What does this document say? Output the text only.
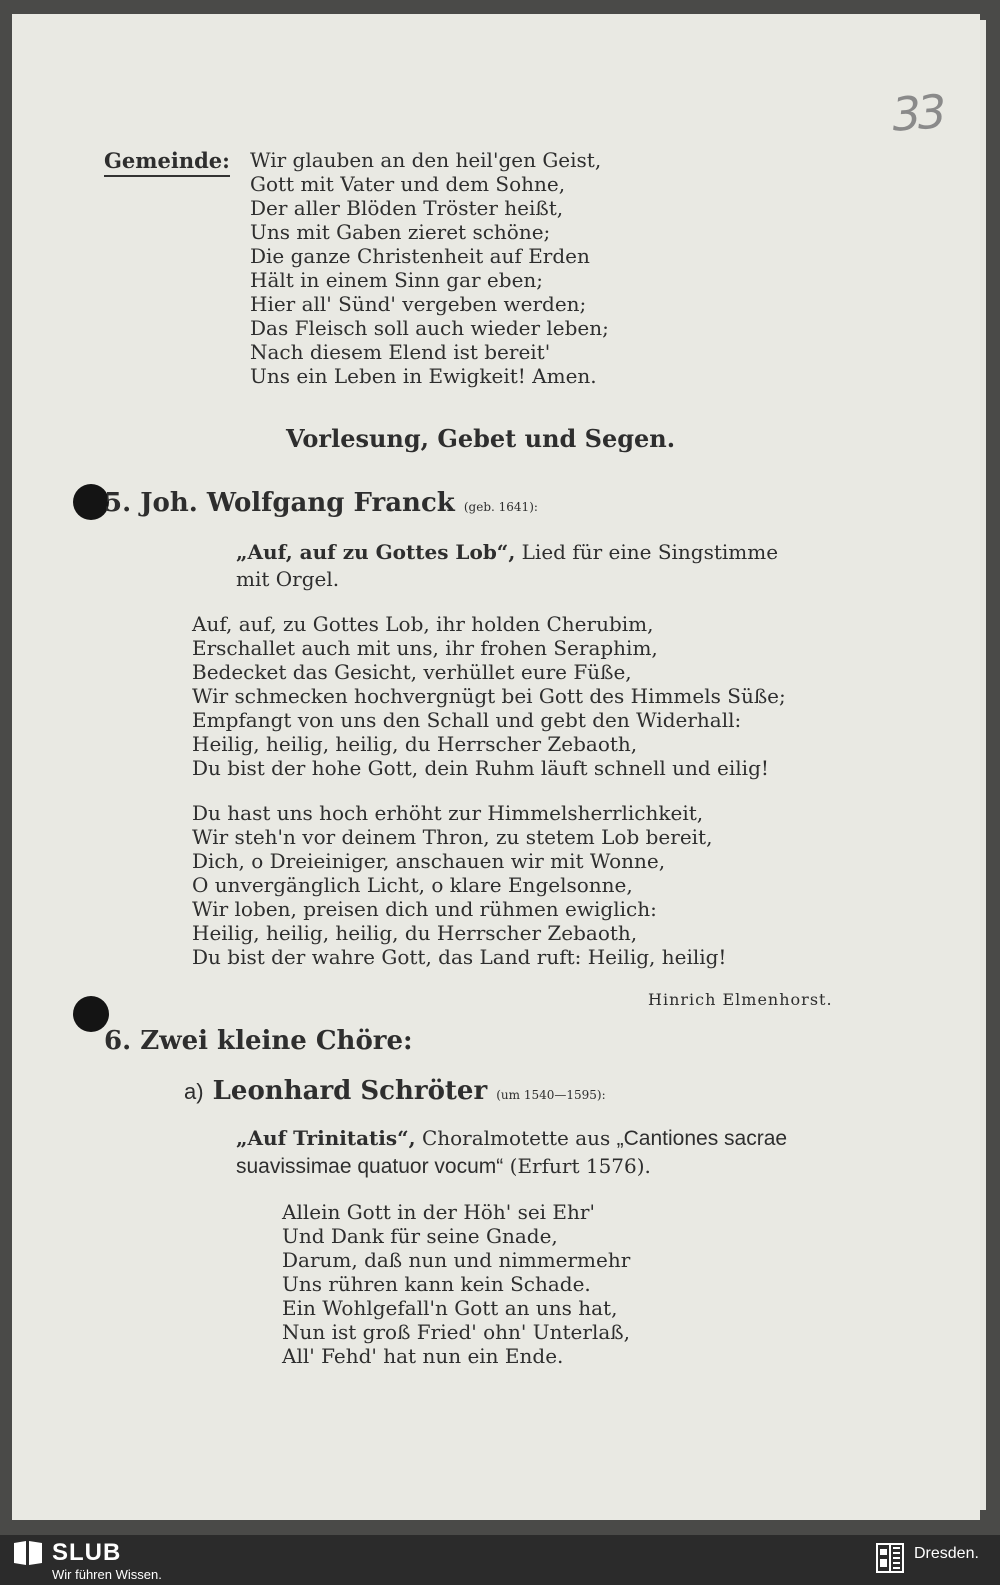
33
Gemeinde: Wir glauben an den heil'gen Geist,
Gott mit Vater und dem Sohne,
Der aller Blöden Tröster heißt,
Uns mit Gaben zieret schöne;
Die ganze Christenheit auf Erden
Hält in einem Sinn gar eben;
Hier all' Sünd' vergeben werden;
Das Fleisch soll auch wieder leben;
Nach diesem Elend ist bereit'
Uns ein Leben in Ewigkeit! Amen.
Vorlesung, Gebet und Segen.
5. Joh. Wolfgang Franck (geb. 1641):
„Auf, auf zu Gottes Lob“, Lied für eine Singstimme
mit Orgel.
Auf, auf, zu Gottes Lob, ihr holden Cherubim,
Erschallet auch mit uns, ihr frohen Seraphim,
Bedecket das Gesicht, verhüllet eure Füße,
Wir schmecken hochvergnügt bei Gott des Himmels Süße;
Empfangt von uns den Schall und gebt den Widerhall:
Heilig, heilig, heilig, du Herrscher Zebaoth,
Du bist der hohe Gott, dein Ruhm läuft schnell und eilig!
Du hast uns hoch erhöht zur Himmelsherrlichkeit,
Wir steh'n vor deinem Thron, zu stetem Lob bereit,
Dich, o Dreieiniger, anschauen wir mit Wonne,
O unvergänglich Licht, o klare Engelsonne,
Wir loben, preisen dich und rühmen ewiglich:
Heilig, heilig, heilig, du Herrscher Zebaoth,
Du bist der wahre Gott, das Land ruft: Heilig, heilig!
Hinrich Elmenhorst.
6. Zwei kleine Chöre:
a) Leonhard Schröter (um 1540—1595):
„Auf Trinitatis“, Choralmotette aus „Cantiones sacrae
suavissimae quatuor vocum“ (Erfurt 1576).
Allein Gott in der Höh' sei Ehr'
Und Dank für seine Gnade,
Darum, daß nun und nimmermehr
Uns rühren kann kein Schade.
Ein Wohlgefall'n Gott an uns hat,
Nun ist groß Fried' ohn' Unterlaß,
All' Fehd' hat nun ein Ende.
SLUB
Wir führen Wissen.
Dresden.
